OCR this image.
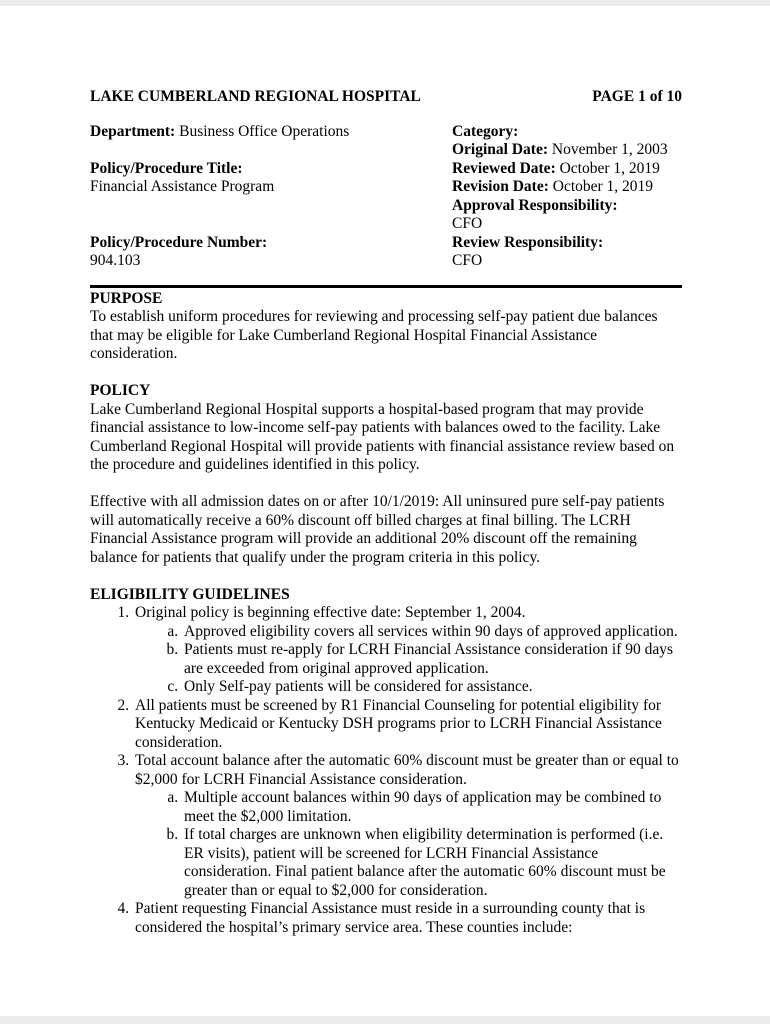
LAKE CUMBERLAND REGIONAL HOSPITAL	PAGE 1 of 10
Department: Business Office Operations
Policy/Procedure Title:
Financial Assistance Program
Policy/Procedure Number:
904.103
Category:
Original Date: November 1, 2003
Reviewed Date: October 1, 2019
Revision Date: October 1, 2019
Approval Responsibility:
CFO
Review Responsibility:
CFO
PURPOSE

To establish uniform procedures for reviewing and processing self-pay patient due balances that may be eligible for Lake Cumberland Regional Hospital Financial Assistance consideration.

POLICY

Lake Cumberland Regional Hospital supports a hospital-based program that may provide financial assistance to low-income self-pay patients with balances owed to the facility. Lake Cumberland Regional Hospital will provide patients with financial assistance review based on the procedure and guidelines identified in this policy.

Effective with all admission dates on or after 10/1/2019: All uninsured pure self-pay patients will automatically receive a 60% discount off billed charges at final billing. The LCRH Financial Assistance program will provide an additional 20% discount off the remaining balance for patients that qualify under the program criteria in this policy.

ELIGIBILITY GUIDELINES
1. Original policy is beginning effective date: September 1, 2004.
a. Approved eligibility covers all services within 90 days of approved application.
b. Patients must re-apply for LCRH Financial Assistance consideration if 90 days are exceeded from original approved application.
c. Only Self-pay patients will be considered for assistance.
2. All patients must be screened by R1 Financial Counseling for potential eligibility for Kentucky Medicaid or Kentucky DSH programs prior to LCRH Financial Assistance consideration.
3. Total account balance after the automatic 60% discount must be greater than or equal to $2,000 for LCRH Financial Assistance consideration.
a. Multiple account balances within 90 days of application may be combined to meet the $2,000 limitation.
b. If total charges are unknown when eligibility determination is performed (i.e. ER visits), patient will be screened for LCRH Financial Assistance consideration. Final patient balance after the automatic 60% discount must be greater than or equal to $2,000 for consideration.
4. Patient requesting Financial Assistance must reside in a surrounding county that is considered the hospital’s primary service area. These counties include:
